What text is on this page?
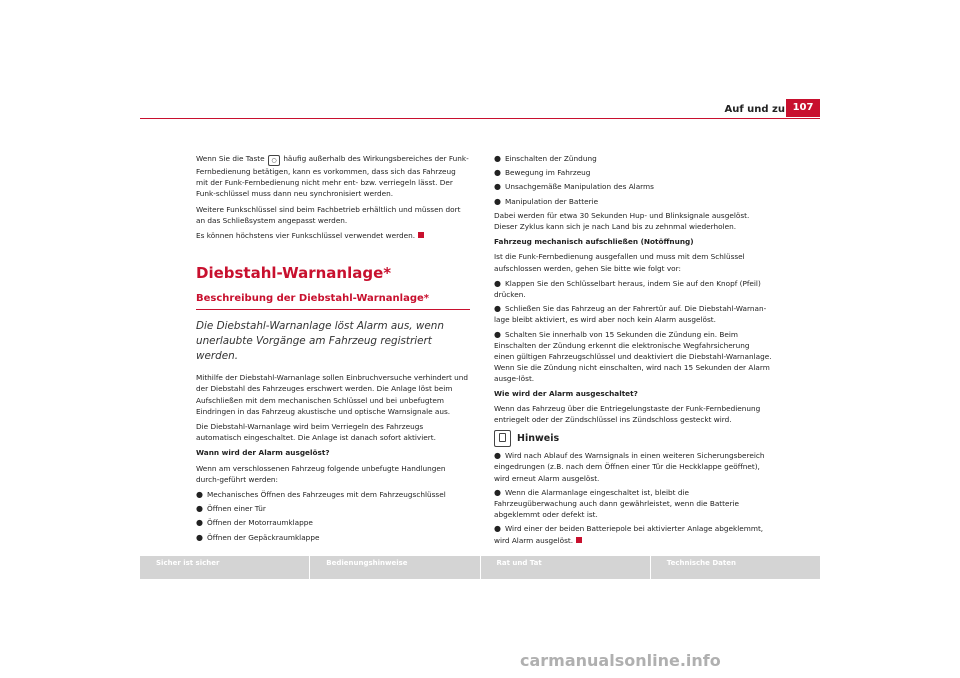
Auf und zu 107

Wenn Sie die Taste ○ häufig außerhalb des Wirkungsbereiches der Funk-Fernbedienung betätigen, kann es vorkommen, dass sich das Fahrzeug mit der Funk-Fernbedienung nicht mehr ent- bzw. verriegeln lässt. Der Funk-schlüssel muss dann neu synchronisiert werden.

Weitere Funkschlüssel sind beim Fachbetrieb erhältlich und müssen dort an das Schließsystem angepasst werden.

Es können höchstens vier Funkschlüssel verwendet werden.

Diebstahl-Warnanlage*
Beschreibung der Diebstahl-Warnanlage*
Die Diebstahl-Warnanlage löst Alarm aus, wenn unerlaubte Vorgänge am Fahrzeug registriert werden.

Mithilfe der Diebstahl-Warnanlage sollen Einbruchversuche verhindert und der Diebstahl des Fahrzeuges erschwert werden. Die Anlage löst beim Aufschließen mit dem mechanischen Schlüssel und bei unbefugtem Eindringen in das Fahrzeug akustische und optische Warnsignale aus.

Die Diebstahl-Warnanlage wird beim Verriegeln des Fahrzeugs automatisch eingeschaltet. Die Anlage ist danach sofort aktiviert.

Wann wird der Alarm ausgelöst?

Wenn am verschlossenen Fahrzeug folgende unbefugte Handlungen durch-geführt werden:

● Mechanisches Öffnen des Fahrzeuges mit dem Fahrzeugschlüssel
● Öffnen einer Tür
● Öffnen der Motorraumklappe
● Öffnen der Gepäckraumklappe
● Einschalten der Zündung
● Bewegung im Fahrzeug
● Unsachgemäße Manipulation des Alarms
● Manipulation der Batterie

Dabei werden für etwa 30 Sekunden Hup- und Blinksignale ausgelöst. Dieser Zyklus kann sich je nach Land bis zu zehnmal wiederholen.

Fahrzeug mechanisch aufschließen (Notöffnung)

Ist die Funk-Fernbedienung ausgefallen und muss mit dem Schlüssel aufschlossen werden, gehen Sie bitte wie folgt vor:

● Klappen Sie den Schlüsselbart heraus, indem Sie auf den Knopf (Pfeil) drücken.
● Schließen Sie das Fahrzeug an der Fahrertür auf. Die Diebstahl-Warnan-lage bleibt aktiviert, es wird aber noch kein Alarm ausgelöst.
● Schalten Sie innerhalb von 15 Sekunden die Zündung ein. Beim Einschalten der Zündung erkennt die elektronische Wegfahrsicherung einen gültigen Fahrzeugschlüssel und deaktiviert die Diebstahl-Warnanlage. Wenn Sie die Zündung nicht einschalten, wird nach 15 Sekunden der Alarm ausge-löst.

Wie wird der Alarm ausgeschaltet?

Wenn das Fahrzeug über die Entriegelungstaste der Funk-Fernbedienung entriegelt oder der Zündschlüssel ins Zündschloss gesteckt wird.

Hinweis
● Wird nach Ablauf des Warnsignals in einen weiteren Sicherungsbereich eingedrungen (z.B. nach dem Öffnen einer Tür die Heckklappe geöffnet), wird erneut Alarm ausgelöst.
● Wenn die Alarmanlage eingeschaltet ist, bleibt die Fahrzeugüberwachung auch dann gewährleistet, wenn die Batterie abgeklemmt oder defekt ist.
● Wird einer der beiden Batteriepole bei aktivierter Anlage abgeklemmt, wird Alarm ausgelöst.
Sicher ist sicher	Bedienungshinweise	Rat und Tat	Technische Daten
carmanualsonline.info
